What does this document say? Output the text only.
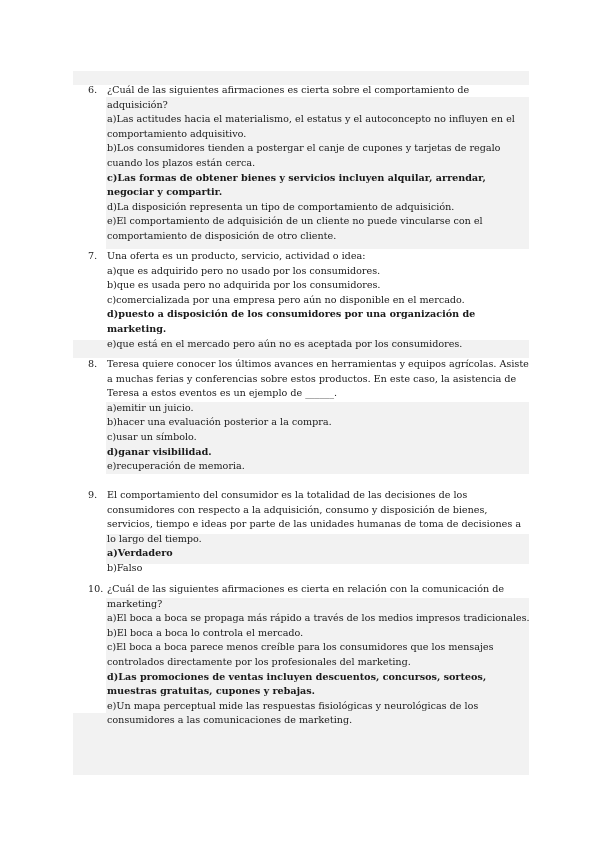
6.	¿Cuál de las siguientes afirmaciones es cierta sobre el comportamiento de adquisición?
a)Las actitudes hacia el materialismo, el estatus y el autoconcepto no influyen en el comportamiento adquisitivo.
b)Los consumidores tienden a postergar el canje de cupones y tarjetas de regalo cuando los plazos están cerca.
c)Las formas de obtener bienes y servicios incluyen alquilar, arrendar, negociar y compartir.
d)La disposición representa un tipo de comportamiento de adquisición.
e)El comportamiento de adquisición de un cliente no puede vincularse con el comportamiento de disposición de otro cliente.
7.	Una oferta es un producto, servicio, actividad o idea:
a)que es adquirido pero no usado por los consumidores.
b)que es usada pero no adquirida por los consumidores.
c)comercializada por una empresa pero aún no disponible en el mercado.
d)puesto a disposición de los consumidores por una organización de marketing.
e)que está en el mercado pero aún no es aceptada por los consumidores.
8.	Teresa quiere conocer los últimos avances en herramientas y equipos agrícolas. Asiste a muchas ferias y conferencias sobre estos productos. En este caso, la asistencia de Teresa a estos eventos es un ejemplo de ______.
a)emitir un juicio.
b)hacer una evaluación posterior a la compra.
c)usar un símbolo.
d)ganar visibilidad.
e)recuperación de memoria.
9.	El comportamiento del consumidor es la totalidad de las decisiones de los consumidores con respecto a la adquisición, consumo y disposición de bienes, servicios, tiempo e ideas por parte de las unidades humanas de toma de decisiones a lo largo del tiempo.
a)Verdadero
b)Falso
10. ¿Cuál de las siguientes afirmaciones es cierta en relación con la comunicación de marketing?
a)El boca a boca se propaga más rápido a través de los medios impresos tradicionales.
b)El boca a boca lo controla el mercado.
c)El boca a boca parece menos creíble para los consumidores que los mensajes controlados directamente por los profesionales del marketing.
d)Las promociones de ventas incluyen descuentos, concursos, sorteos, muestras gratuitas, cupones y rebajas.
e)Un mapa perceptual mide las respuestas fisiológicas y neurológicas de los consumidores a las comunicaciones de marketing.
